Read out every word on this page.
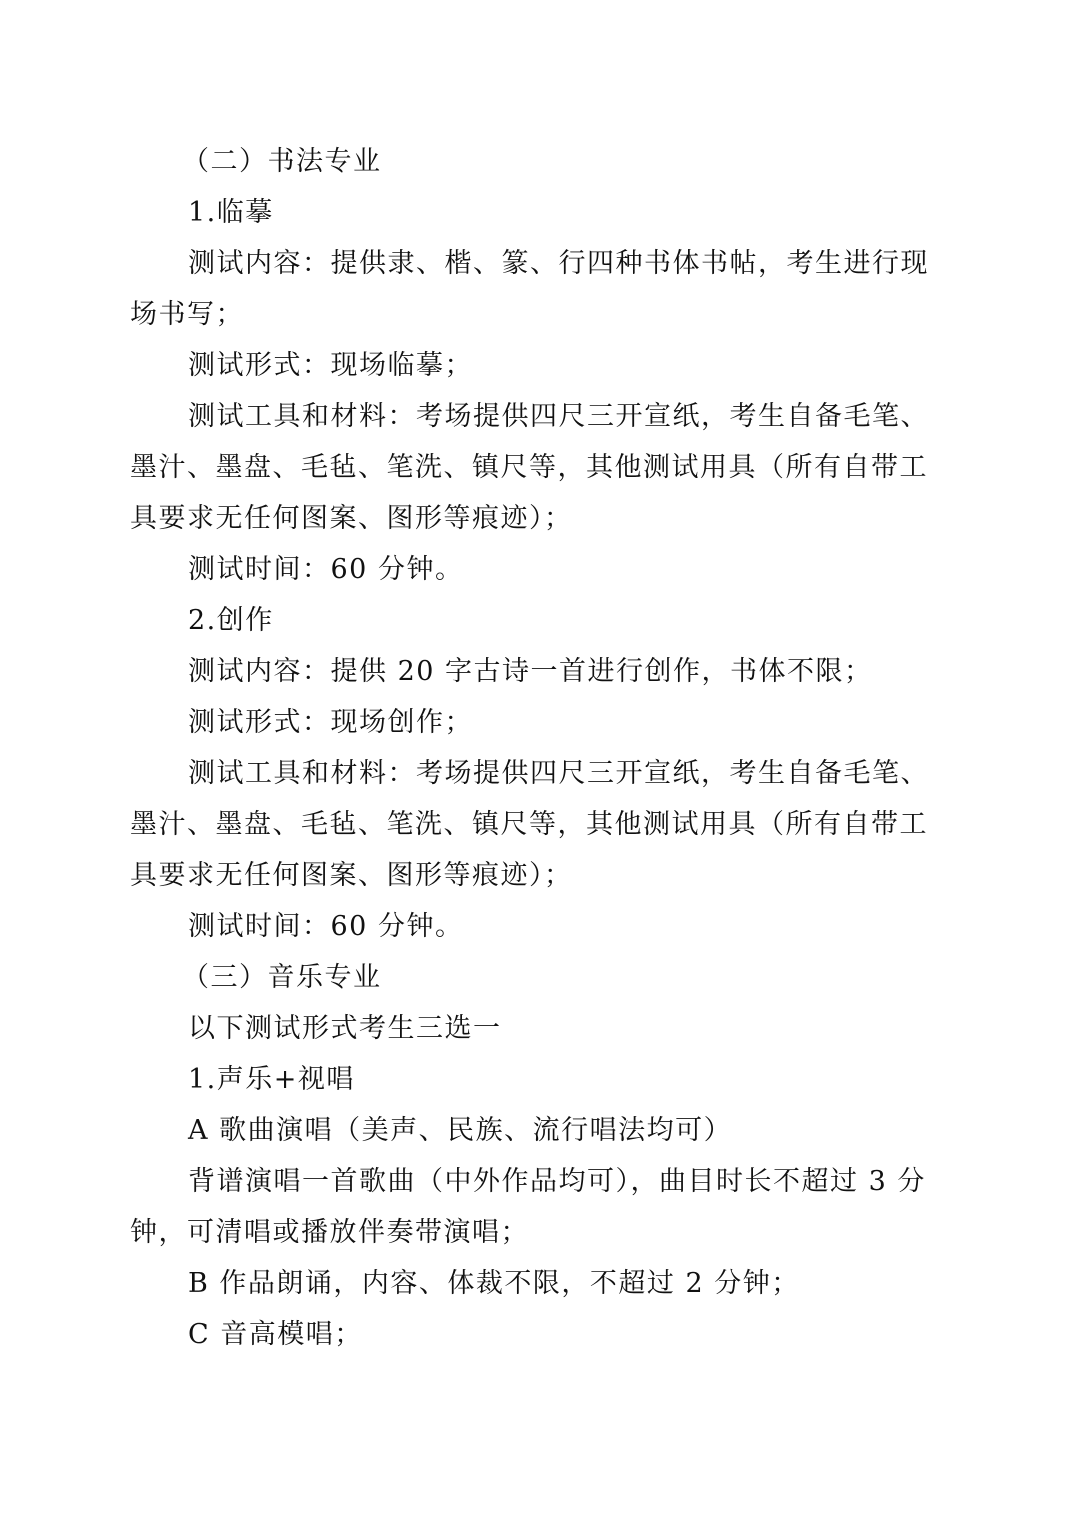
（二）书法专业

1.临摹

测试内容：提供隶、楷、篆、行四种书体书帖，考生进行现
场书写；

测试形式：现场临摹；

测试工具和材料：考场提供四尺三开宣纸，考生自备毛笔、
墨汁、墨盘、毛毡、笔洗、镇尺等，其他测试用具（所有自带工
具要求无任何图案、图形等痕迹）；

测试时间：60 分钟。

2.创作

测试内容：提供 20 字古诗一首进行创作，书体不限；

测试形式：现场创作；

测试工具和材料：考场提供四尺三开宣纸，考生自备毛笔、
墨汁、墨盘、毛毡、笔洗、镇尺等，其他测试用具（所有自带工
具要求无任何图案、图形等痕迹）；

测试时间：60 分钟。

（三）音乐专业

以下测试形式考生三选一

1.声乐+视唱

A 歌曲演唱（美声、民族、流行唱法均可）

背谱演唱一首歌曲（中外作品均可），曲目时长不超过 3 分
钟，可清唱或播放伴奏带演唱；

B 作品朗诵，内容、体裁不限，不超过 2 分钟；

C 音高模唱；
